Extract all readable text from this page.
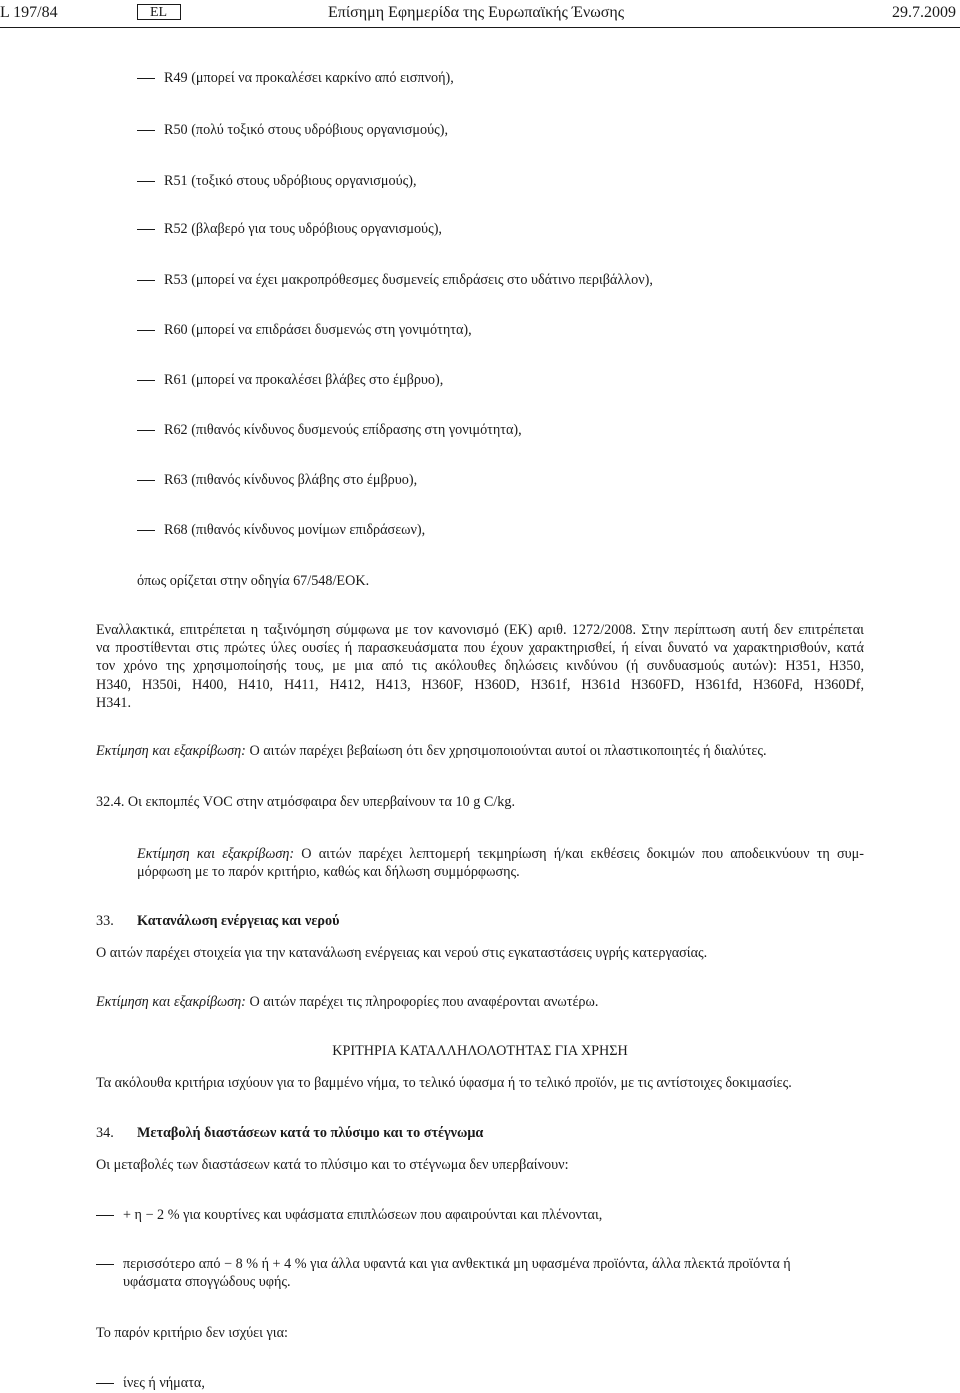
L 197/84	EL	Επίσημη Εφημερίδα της Ευρωπαϊκής Ένωσης	29.7.2009
R49 (μπορεί να προκαλέσει καρκίνο από εισπνοή),
R50 (πολύ τοξικό στους υδρόβιους οργανισμούς),
R51 (τοξικό στους υδρόβιους οργανισμούς),
R52 (βλαβερό για τους υδρόβιους οργανισμούς),
R53 (μπορεί να έχει μακροπρόθεσμες δυσμενείς επιδράσεις στο υδάτινο περιβάλλον),
R60 (μπορεί να επιδράσει δυσμενώς στη γονιμότητα),
R61 (μπορεί να προκαλέσει βλάβες στο έμβρυο),
R62 (πιθανός κίνδυνος δυσμενούς επίδρασης στη γονιμότητα),
R63 (πιθανός κίνδυνος βλάβης στο έμβρυο),
R68 (πιθανός κίνδυνος μονίμων επιδράσεων),
όπως ορίζεται στην οδηγία 67/548/ΕΟΚ.
Εναλλακτικά, επιτρέπεται η ταξινόμηση σύμφωνα με τον κανονισμό (ΕΚ) αριθ. 1272/2008. Στην περίπτωση αυτή δεν επιτρέπεται
να προστίθενται στις πρώτες ύλες ουσίες ή παρασκευάσματα που έχουν χαρακτηρισθεί, ή είναι δυνατό να χαρακτηρισθούν, κατά
τον χρόνο της χρησιμοποίησής τους, με μια από τις ακόλουθες δηλώσεις κινδύνου (ή συνδυασμούς αυτών): H351, H350,
H340, H350i, H400, H410, H411, H412, H413, H360F, H360D, H361f, H361d H360FD, H361fd, H360Fd, H360Df,
H341.
Εκτίμηση και εξακρίβωση: Ο αιτών παρέχει βεβαίωση ότι δεν χρησιμοποιούνται αυτοί οι πλαστικοποιητές ή διαλύτες.
32.4. Οι εκπομπές VOC στην ατμόσφαιρα δεν υπερβαίνουν τα 10 g C/kg.
Εκτίμηση και εξακρίβωση: Ο αιτών παρέχει λεπτομερή τεκμηρίωση ή/και εκθέσεις δοκιμών που αποδεικνύουν τη συμ-
μόρφωση με το παρόν κριτήριο, καθώς και δήλωση συμμόρφωσης.
33. Κατανάλωση ενέργειας και νερού
Ο αιτών παρέχει στοιχεία για την κατανάλωση ενέργειας και νερού στις εγκαταστάσεις υγρής κατεργασίας.
Εκτίμηση και εξακρίβωση: Ο αιτών παρέχει τις πληροφορίες που αναφέρονται ανωτέρω.
ΚΡΙΤΗΡΙΑ ΚΑΤΑΛΛΗΛΟΛΟΤΗΤΑΣ ΓΙΑ ΧΡΗΣΗ
Τα ακόλουθα κριτήρια ισχύουν για το βαμμένο νήμα, το τελικό ύφασμα ή το τελικό προϊόν, με τις αντίστοιχες δοκιμασίες.
34. Μεταβολή διαστάσεων κατά το πλύσιμο και το στέγνωμα
Οι μεταβολές των διαστάσεων κατά το πλύσιμο και το στέγνωμα δεν υπερβαίνουν:
+ η − 2 % για κουρτίνες και υφάσματα επιπλώσεων που αφαιρούνται και πλένονται,
περισσότερο από − 8 % ή + 4 % για άλλα υφαντά και για ανθεκτικά μη υφασμένα προϊόντα, άλλα πλεκτά προϊόντα ή
υφάσματα σπογγώδους υφής.
Το παρόν κριτήριο δεν ισχύει για:
ίνες ή νήματα,
